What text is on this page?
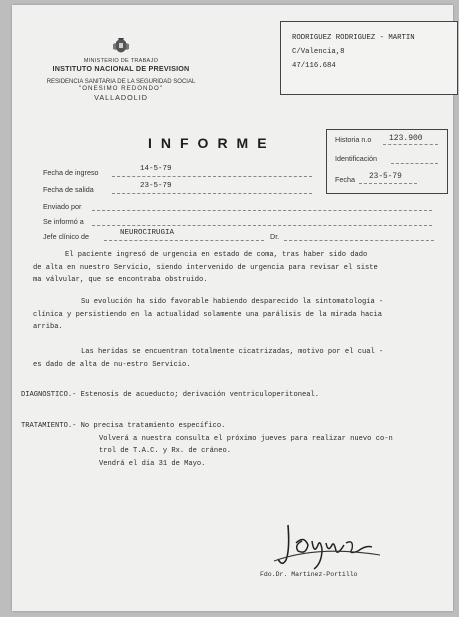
MINISTERIO DE TRABAJO
INSTITUTO NACIONAL DE PREVISION
RESIDENCIA SANITARIA DE LA SEGURIDAD SOCIAL
"ONESIMO REDONDO"
VALLADOLID
RODRIGUEZ RODRIGUEZ - MARTIN
C/Valencia,8
47/116.684
INFORME	Historia n.o 123.900
Identificación
Fecha 23-5-79
Fecha de ingreso	14-5-79
Fecha de salida	23-5-79
Enviado por
Se informó a
Jefe clínico de	NEUROCIRUGIA	Dr.
El paciente ingresó de urgencia en estado de coma, tras haber sido dado
de alta en nuestro Servicio, siendo intervenido de urgencia para revisar el siste
ma válvular, que se encontraba obstruido.
Su evolución ha sido favorable habiendo desparecido la sintomatología -
clínica y persistiendo en la actualidad solamente una parálisis de la mirada hacia
arriba.
Las heridas se encuentran totalmente cicatrizadas, motivo por el cual -
es dado de alta de nu-estro Servicio.
DIAGNOSTICO.- Estenosis de acueducto; derivación ventriculoperitoneal.
TRATAMIENTO.- No precisa tratamiento específico.
Volverá a nuestra consulta el próximo jueves para realizar nuevo co-n
trol de T.A.C. y Rx. de cráneo.
Vendrá el día 31 de Mayo.
Fdo.Dr. Martinez-Portillo
